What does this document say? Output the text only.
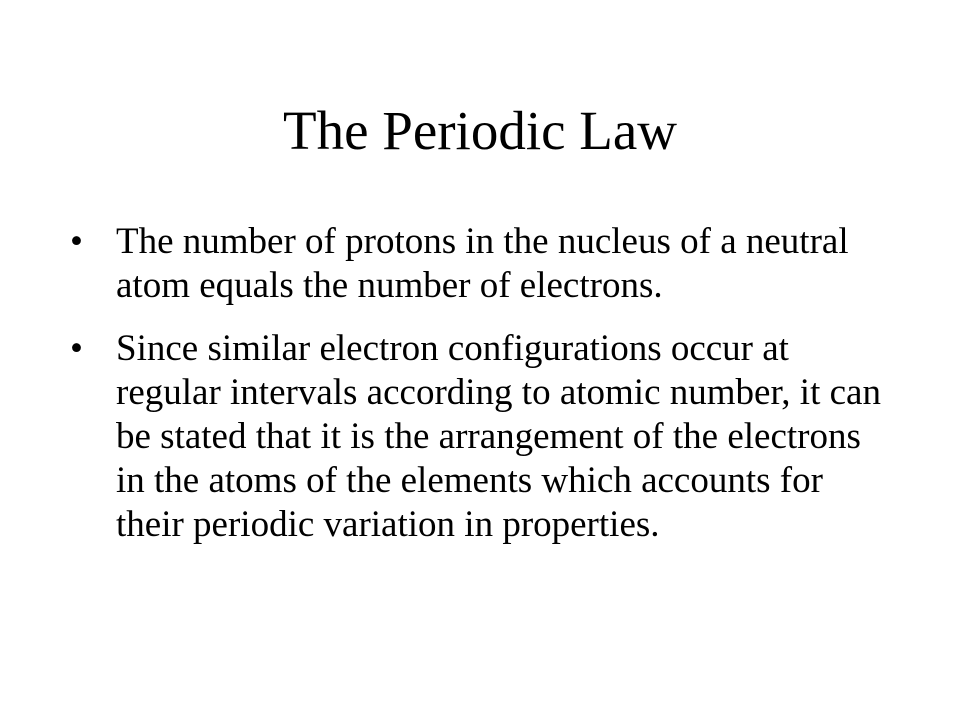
The Periodic Law
• The number of protons in the nucleus of a neutral atom equals the number of electrons.
• Since similar electron configurations occur at regular intervals according to atomic number, it can be stated that it is the arrangement of the electrons in the atoms of the elements which accounts for their periodic variation in properties.
